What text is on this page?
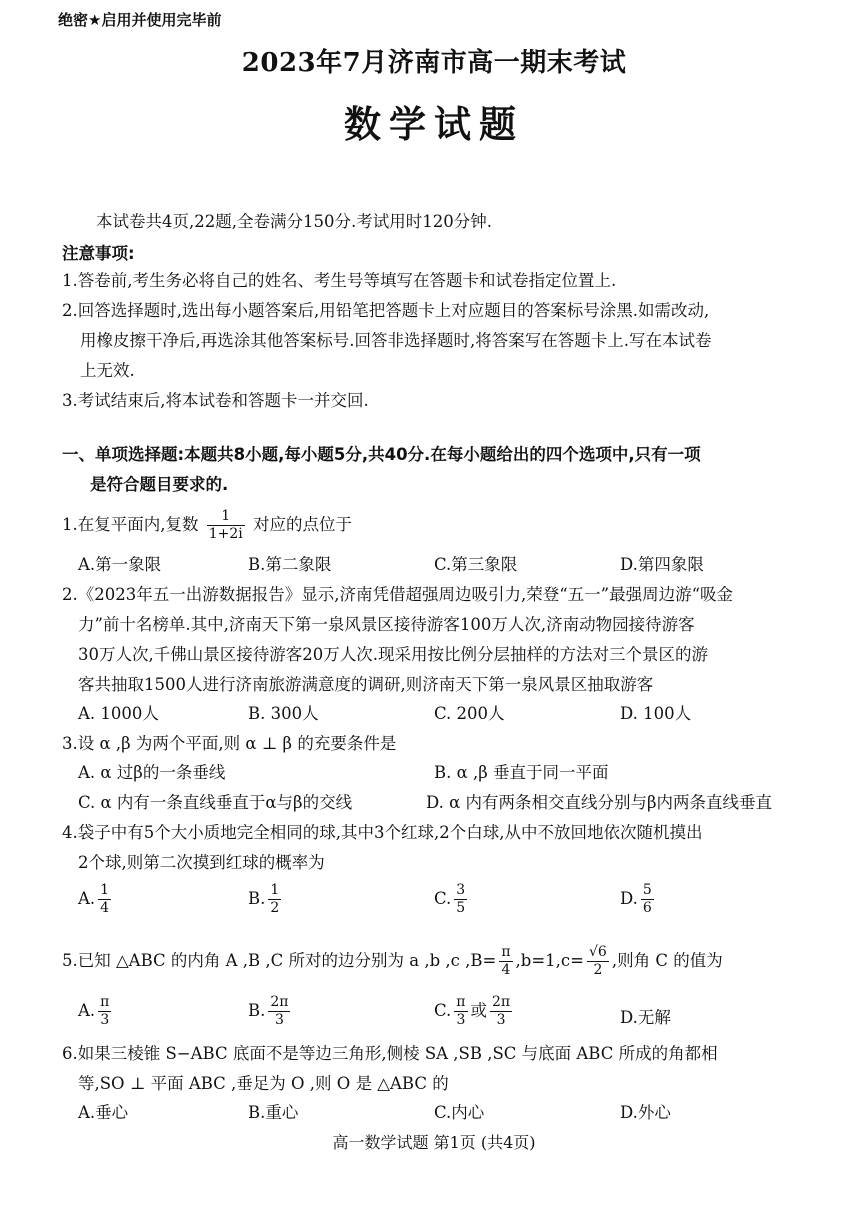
绝密★启用并使用完毕前
2023年7月济南市高一期末考试
数学试题
本试卷共4页,22题,全卷满分150分.考试用时120分钟.
注意事项:
1.答卷前,考生务必将自己的姓名、考生号等填写在答题卡和试卷指定位置上.
2.回答选择题时,选出每小题答案后,用铅笔把答题卡上对应题目的答案标号涂黑.如需改动,
用橡皮擦干净后,再选涂其他答案标号.回答非选择题时,将答案写在答题卡上.写在本试卷
上无效.
3.考试结束后,将本试卷和答题卡一并交回.
一、单项选择题:本题共8小题,每小题5分,共40分.在每小题给出的四个选项中,只有一项
是符合题目要求的.
1.在复平面内,复数 $\frac{1}{1+2i}$ 对应的点位于
A.第一象限	B.第二象限	C.第三象限	D.第四象限
2.《2023年五一出游数据报告》显示,济南凭借超强周边吸引力,荣登“五一”最强周边游“吸金
力”前十名榜单.其中,济南天下第一泉风景区接待游客100万人次,济南动物园接待游客
30万人次,千佛山景区接待游客20万人次.现采用按比例分层抽样的方法对三个景区的游
客共抽取1500人进行济南旅游满意度的调研,则济南天下第一泉风景区抽取游客
A. 1000人	B. 300人	C. 200人	D. 100人
3.设 α ,β 为两个平面,则 α ⊥ β 的充要条件是
A. α 过β的一条垂线	B. α ,β 垂直于同一平面
C. α 内有一条直线垂直于α与β的交线	D. α 内有两条相交直线分别与β内两条直线垂直
4.袋子中有5个大小质地完全相同的球,其中3个红球,2个白球,从中不放回地依次随机摸出
2个球,则第二次摸到红球的概率为
A. $\frac{1}{4}$	B. $\frac{1}{2}$	C. $\frac{3}{5}$	D. $\frac{5}{6}$
5.已知 △ABC 的内角 A ,B ,C 所对的边分别为 a ,b ,c $,B= \frac{\pi}{4} ,b=1,c= \frac{√6}{2}$ ,则角 C 的值为
A. $\frac{\pi}{3}$	B. $\frac{2\pi}{3}$	C. $\frac{\pi}{3}$ 或 $\frac{2\pi}{3}$	D.无解
6.如果三棱锥 S−ABC 底面不是等边三角形,侧棱 SA ,SB ,SC 与底面 ABC 所成的角都相
等,SO ⊥ 平面 ABC ,垂足为 O ,则 O 是 △ABC 的
A.垂心	B.重心	C.内心	D.外心
高一数学试题 第1页 (共4页)
